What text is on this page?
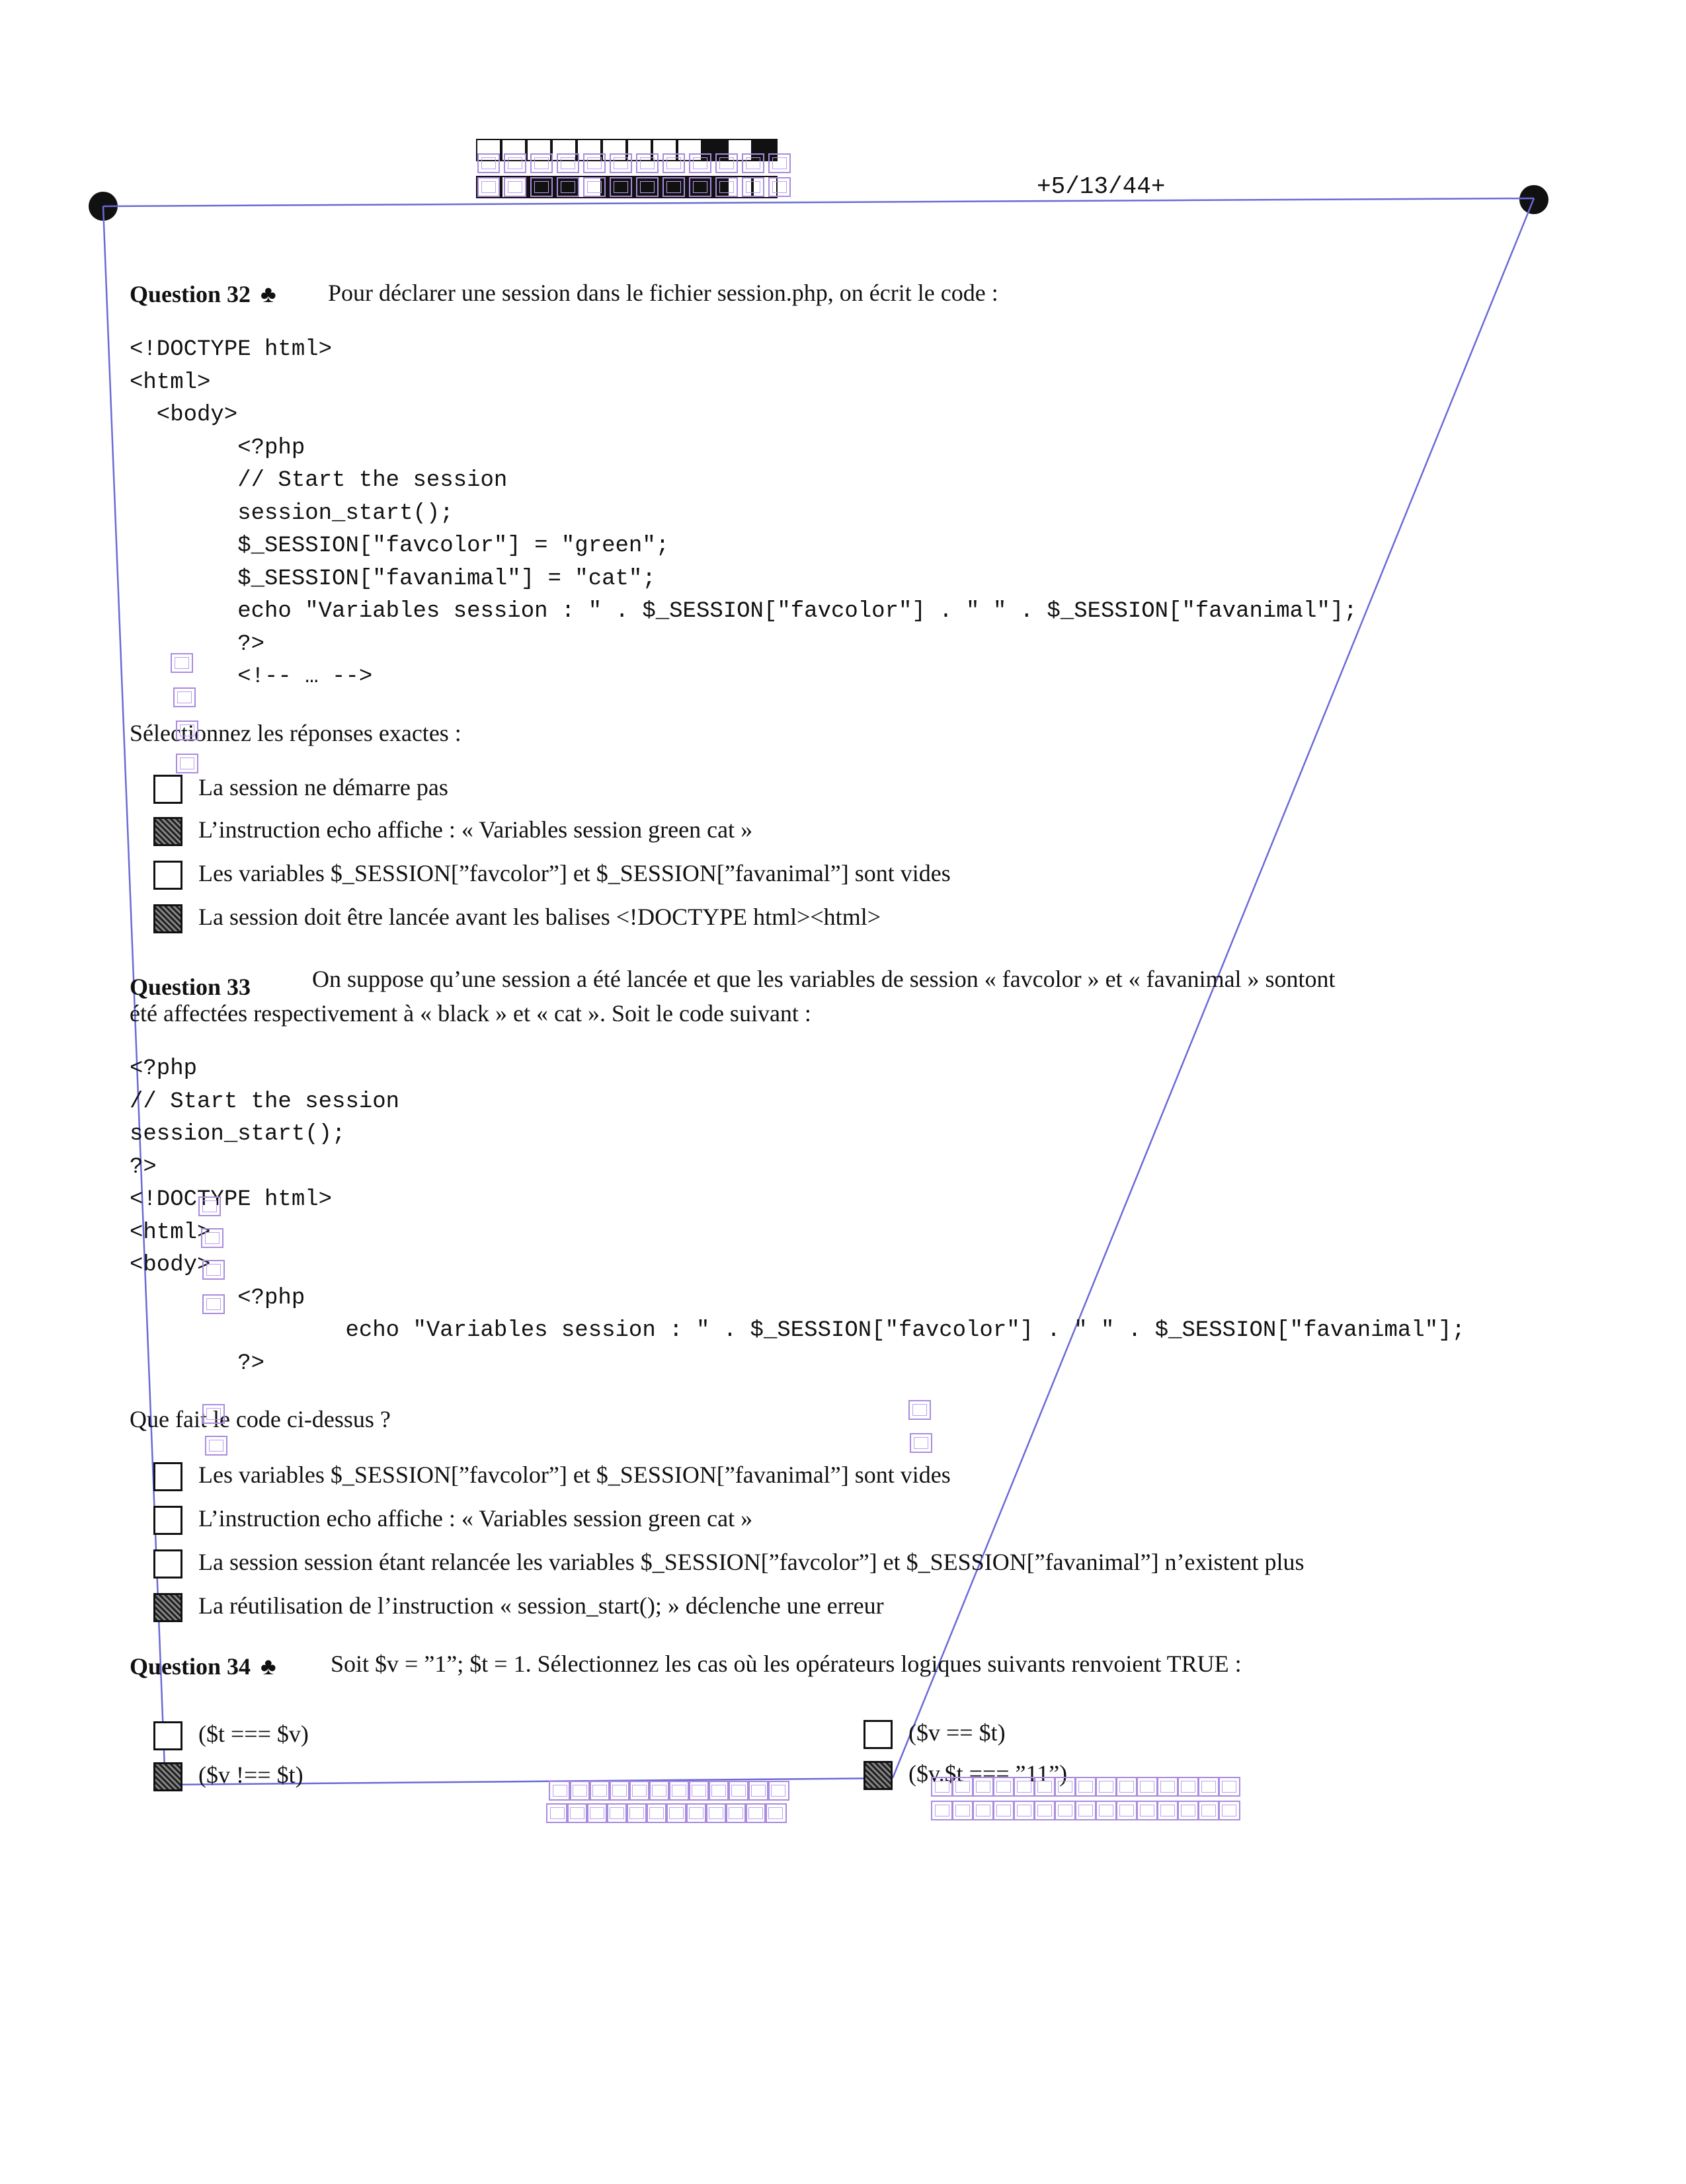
+5/13/44+
Question 32 ♣ Pour déclarer une session dans le fichier session.php, on écrit le code :
<!DOCTYPE html>
<html>
<body>
<?php
// Start the session
session_start();
$_SESSION["favcolor"] = "green";
$_SESSION["favanimal"] = "cat";
echo "Variables session : " . $_SESSION["favcolor"] . " " . $_SESSION["favanimal"];
?>
<!-- … -->
Sélectionnez les réponses exactes :
La session ne démarre pas
L’instruction echo affiche : « Variables session green cat »
Les variables $_SESSION[”favcolor”] et $_SESSION[”favanimal”] sont vides
La session doit être lancée avant les balises <!DOCTYPE html><html>
Question 33	On suppose qu’une session a été lancée et que les variables de session « favcolor » et « favanimal » sontont
été affectées respectivement à « black » et « cat ». Soit le code suivant :
<?php
// Start the session
session_start();
?>
<!DOCTYPE html>
<html>
<body>
<?php
echo "Variables session : " . $_SESSION["favcolor"] . " " . $_SESSION["favanimal"];
?>
Que fait le code ci-dessus ?
Les variables $_SESSION[”favcolor”] et $_SESSION[”favanimal”] sont vides
L’instruction echo affiche : « Variables session green cat »
La session session étant relancée les variables $_SESSION[”favcolor”] et $_SESSION[”favanimal”] n’existent plus
La réutilisation de l’instruction « session_start(); » déclenche une erreur
Question 34 ♣ Soit $v = ”1”; $t = 1. Sélectionnez les cas où les opérateurs logiques suivants renvoient TRUE :
($t === $v)	($v == $t)
($v !== $t)	($v.$t === ”11”)
